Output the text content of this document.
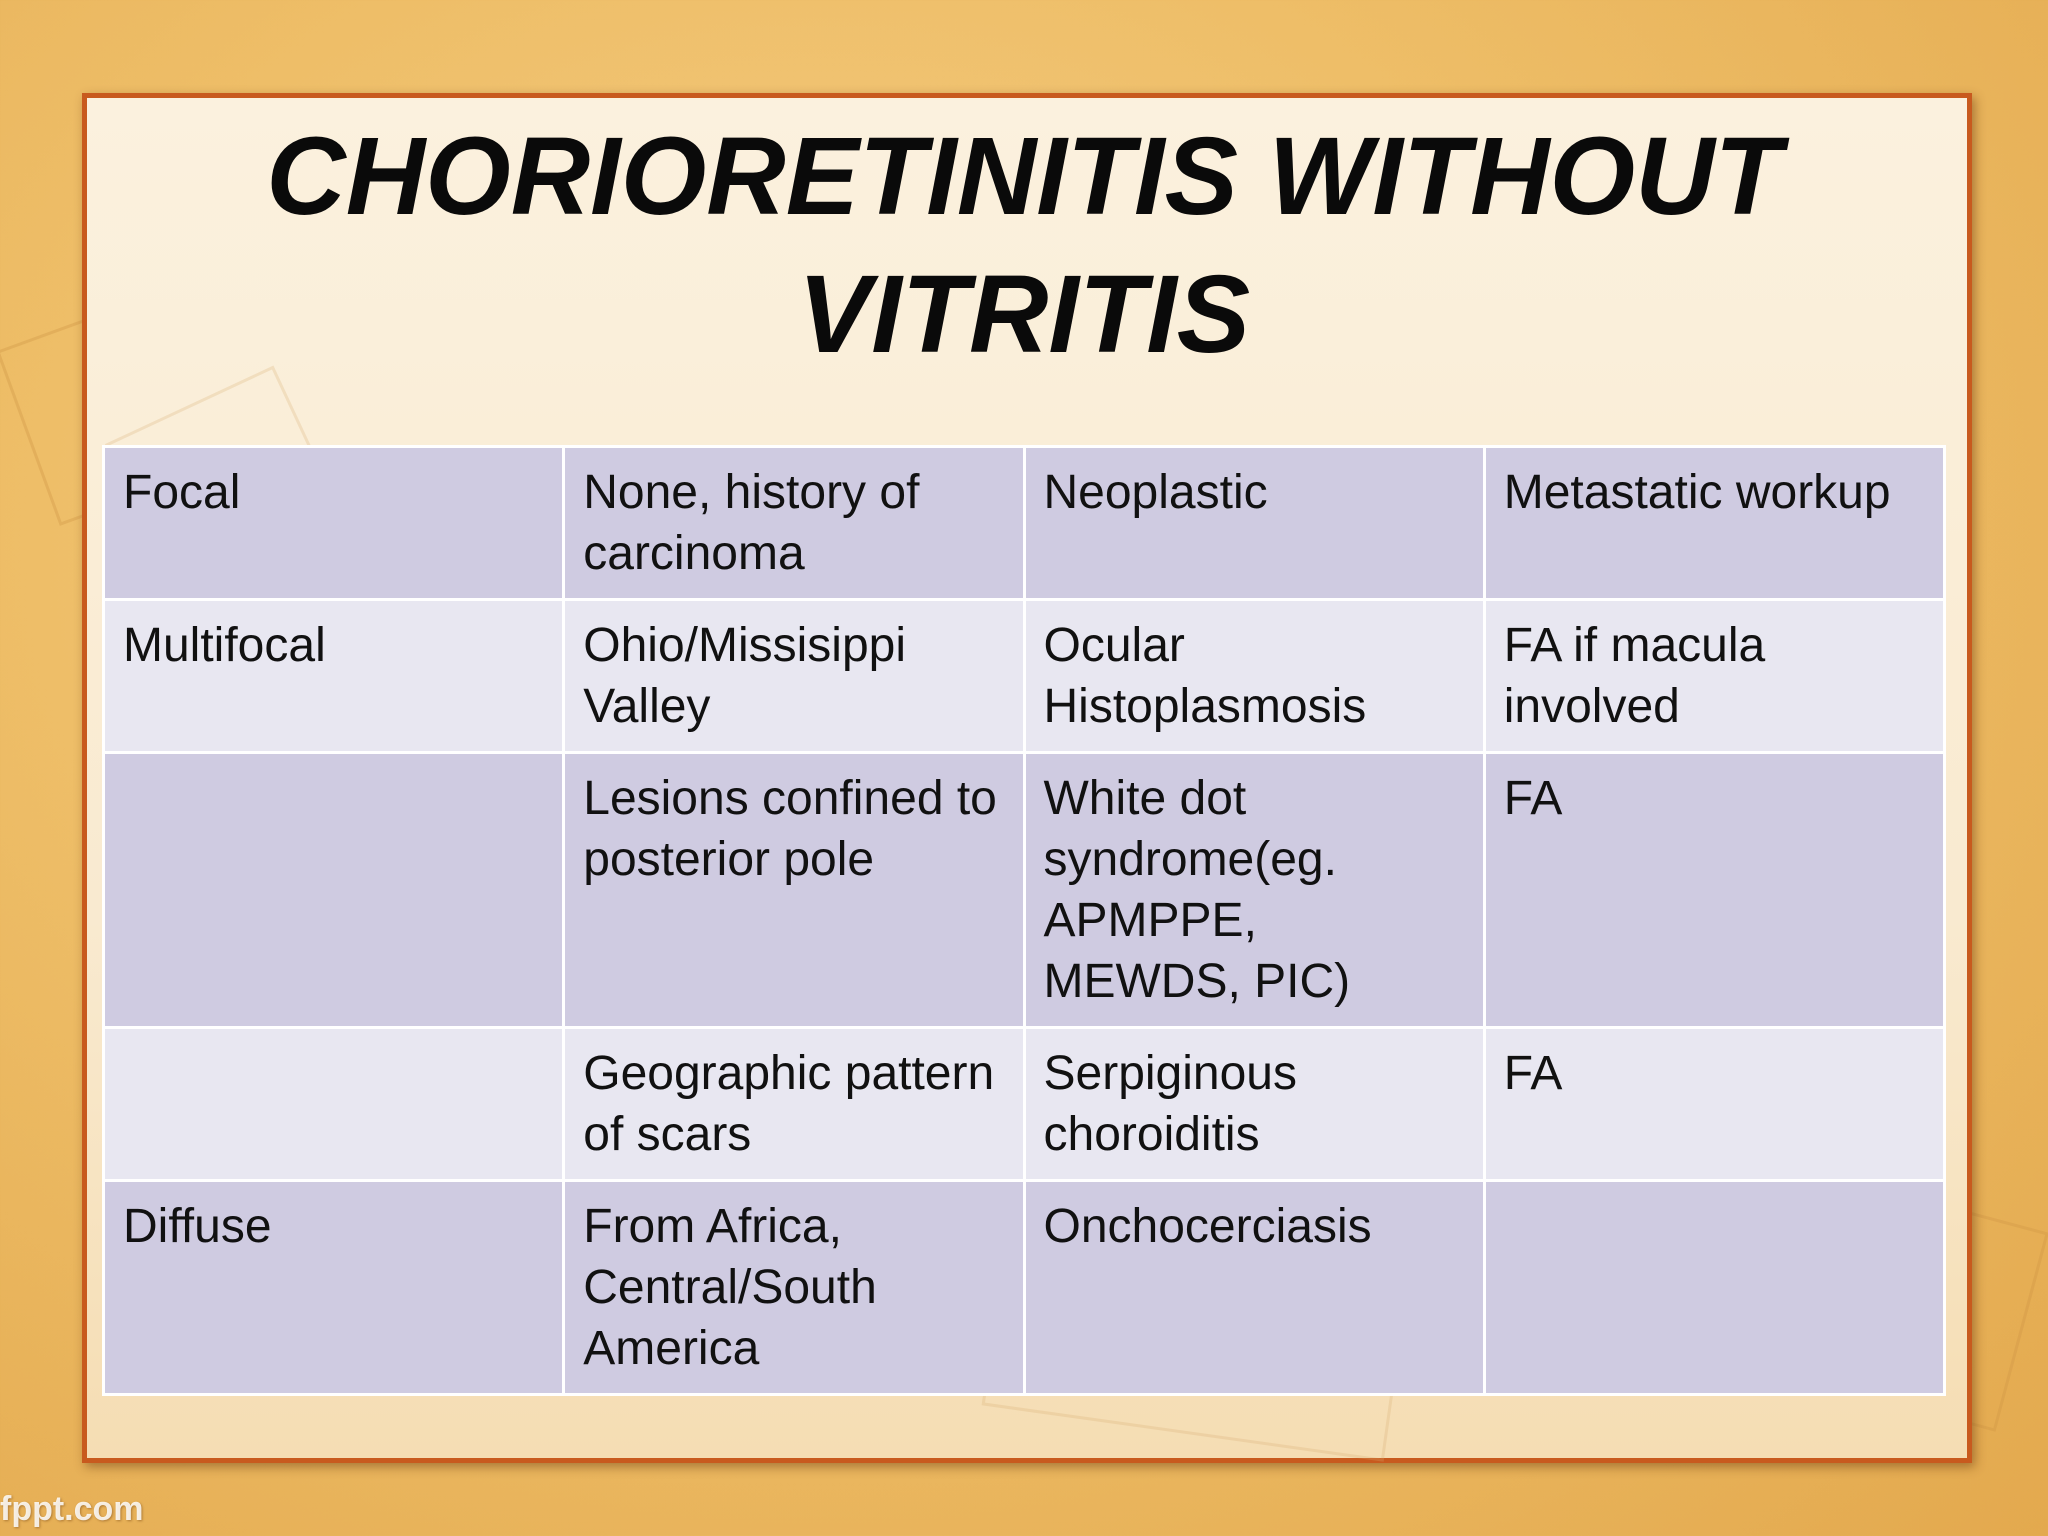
CHORIORETINITIS WITHOUT
VITRITIS
Focal	None, history of carcinoma	Neoplastic	Metastatic workup
Multifocal	Ohio/Missisippi Valley	Ocular Histoplasmosis	FA if macula involved
	Lesions confined to posterior pole	White dot syndrome(eg. APMPPE, MEWDS, PIC)	FA
	Geographic pattern of scars	Serpiginous choroiditis	FA
Diffuse	From Africa, Central/South America	Onchocerciasis	
fppt.com
